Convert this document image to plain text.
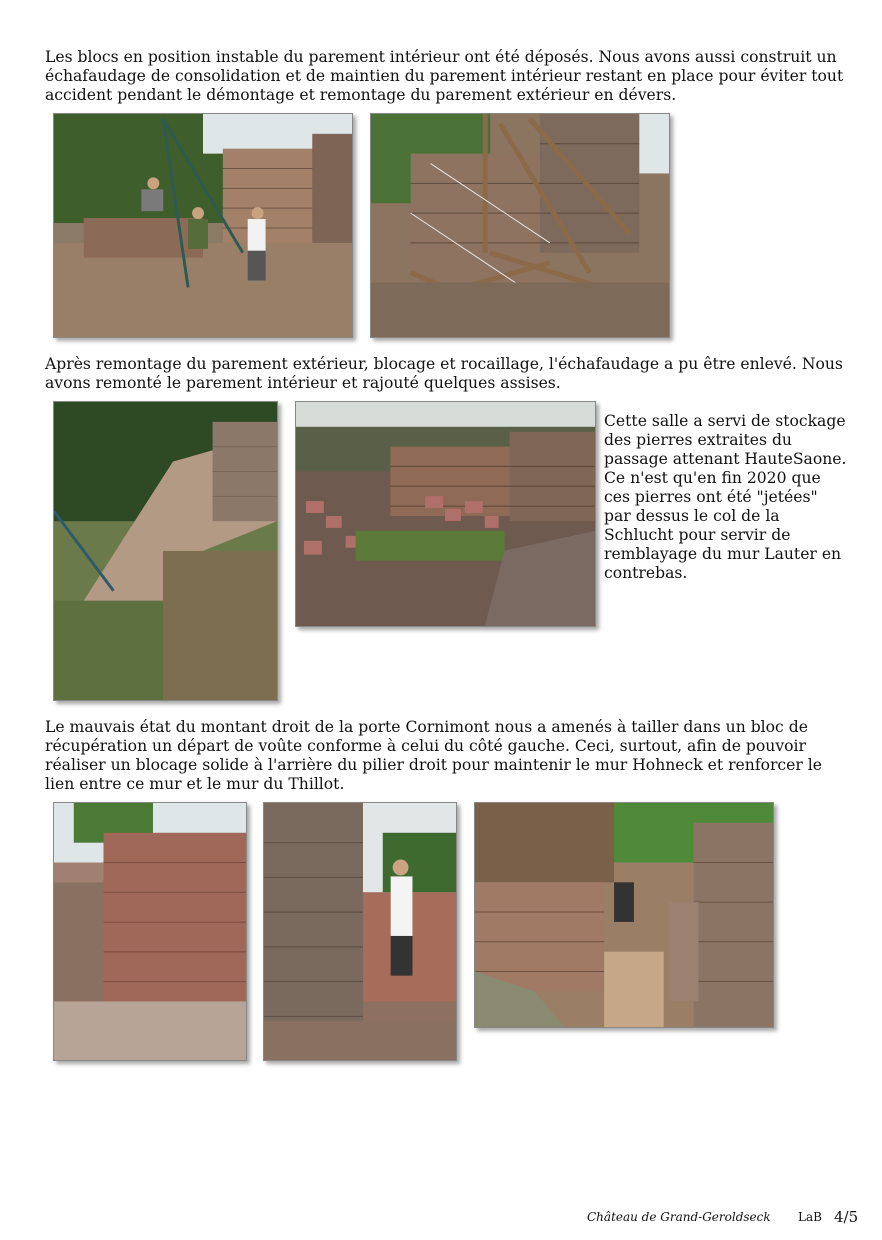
Les blocs en position instable du parement intérieur ont été déposés. Nous avons aussi construit un échafaudage de consolidation et de maintien du parement intérieur restant en place pour éviter tout accident pendant le démontage et remontage du parement extérieur en dévers.

Après remontage du parement extérieur, blocage et rocaillage, l'échafaudage a pu être enlevé. Nous avons remonté le parement intérieur et rajouté quelques assises.

Cette salle a servi de stockage des pierres extraites du passage attenant HauteSaone. Ce n'est qu'en fin 2020 que ces pierres ont été "jetées" par dessus le col de la Schlucht pour servir de remblayage du mur Lauter en contrebas.

Le mauvais état du montant droit de la porte Cornimont nous a amenés à tailler dans un bloc de récupération un départ de voûte conforme à celui du côté gauche. Ceci, surtout, afin de pouvoir réaliser un blocage solide à l'arrière du pilier droit pour maintenir le mur Hohneck et renforcer le lien entre ce mur et le mur du Thillot.

Château de Grand-Geroldseck LaB 4/5
